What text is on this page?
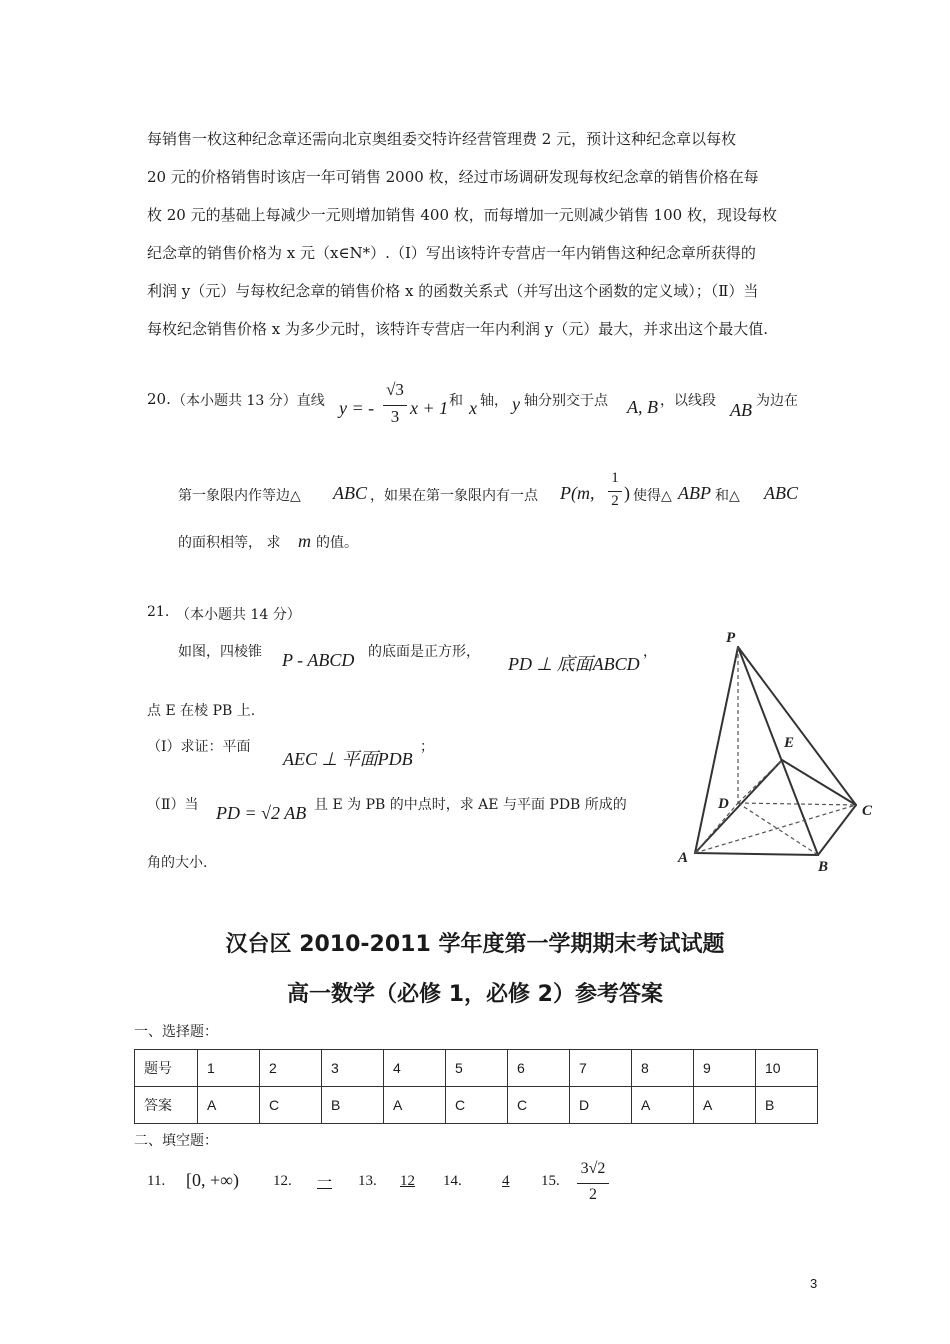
每销售一枚这种纪念章还需向北京奥组委交特许经营管理费 2 元，预计这种纪念章以每枚
20 元的价格销售时该店一年可销售 2000 枚，经过市场调研发现每枚纪念章的销售价格在每
枚 20 元的基础上每减少一元则增加销售 400 枚，而每增加一元则减少销售 100 枚，现设每枚
纪念章的销售价格为 x 元（x∈N*）.（Ⅰ）写出该特许专营店一年内销售这种纪念章所获得的
利润 y（元）与每枚纪念章的销售价格 x 的函数关系式（并写出这个函数的定义域）；（Ⅱ）当
每枚纪念销售价格 x 为多少元时，该特许专营店一年内利润 y（元）最大，并求出这个最大值.
20. （本小题共 13 分）直线 y = -
√3
3 x + 1 和 x 轴， y 轴分别交于点 A, B ，以线段 AB 为边在
第一象限内作等边△ ABC ，如果在第一象限内有一点 P(m,
1
2 ) 使得△ ABP 和△ ABC
的面积相等， 求 m 的值。
21. （本小题共 14 分）
如图，四棱锥 P - ABCD 的底面是正方形，
PD ⊥ 底面ABCD
，
点 E 在棱 PB 上.
（Ⅰ）求证：平面
AEC ⊥ 平面PDB
；
（Ⅱ）当 PD = √2 AB 且 E 为 PB 的中点时，求 AE 与平面 PDB 所成的
角的大小.
P
E
D	C
A
B
汉台区 2010-2011 学年度第一学期期末考试试题
高一数学（必修 1，必修 2）参考答案
一、选择题：
题号	1	2	3	4	5	6	7	8	9	10
答案	A	C	B	A	C	C	D	A	A	B
二、填空题：
11. [0, +∞) 12.	一	13.	12	14.	4	15.
3√2
2
3
